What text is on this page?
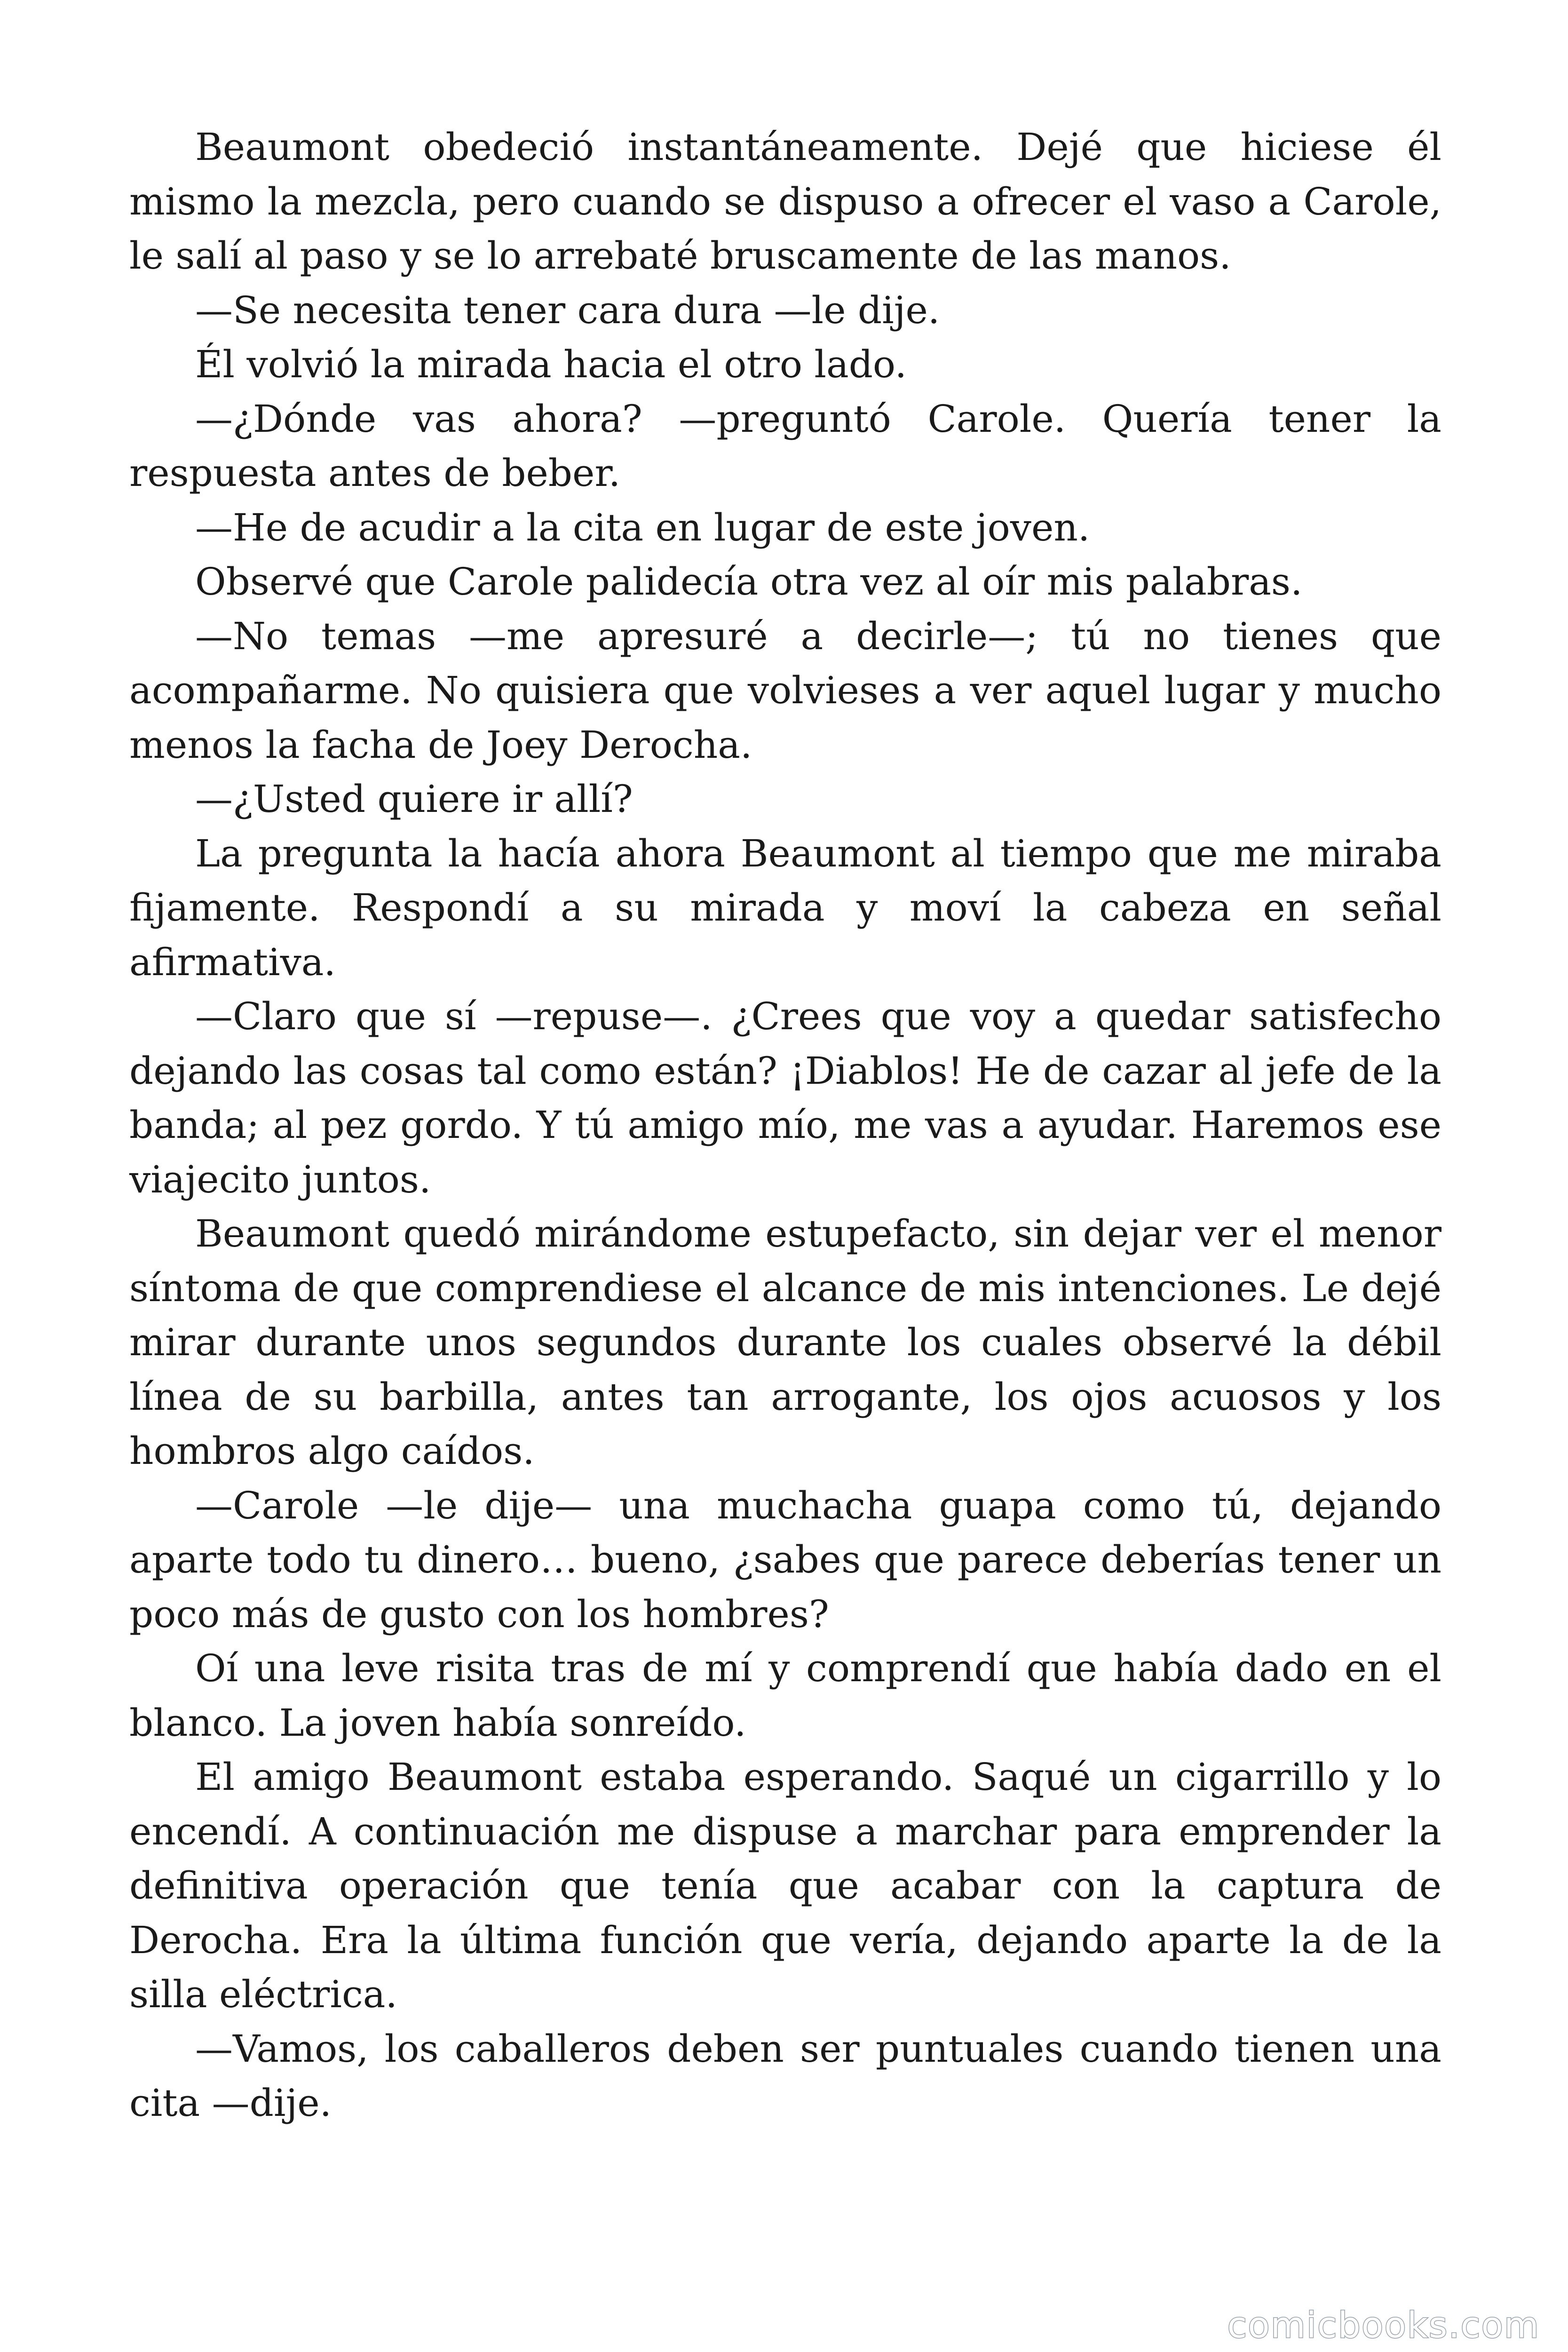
Beaumont obedeció instantáneamente. Dejé que hiciese él mismo la mezcla, pero cuando se dispuso a ofrecer el vaso a Carole, le salí al paso y se lo arrebaté bruscamente de las manos.

—Se necesita tener cara dura —le dije.

Él volvió la mirada hacia el otro lado.

—¿Dónde vas ahora? —preguntó Carole. Quería tener la respuesta antes de beber.

—He de acudir a la cita en lugar de este joven.

Observé que Carole palidecía otra vez al oír mis palabras.

—No temas —me apresuré a decirle—; tú no tienes que acompañarme. No quisiera que volvieses a ver aquel lugar y mucho menos la facha de Joey Derocha.

—¿Usted quiere ir allí?

La pregunta la hacía ahora Beaumont al tiempo que me miraba fijamente. Respondí a su mirada y moví la cabeza en señal afirmativa.

—Claro que sí —repuse—. ¿Crees que voy a quedar satisfecho dejando las cosas tal como están? ¡Diablos! He de cazar al jefe de la banda; al pez gordo. Y tú amigo mío, me vas a ayudar. Haremos ese viajecito juntos.

Beaumont quedó mirándome estupefacto, sin dejar ver el menor síntoma de que comprendiese el alcance de mis intenciones. Le dejé mirar durante unos segundos durante los cuales observé la débil línea de su barbilla, antes tan arrogante, los ojos acuosos y los hombros algo caídos.

—Carole —le dije— una muchacha guapa como tú, dejando aparte todo tu dinero… bueno, ¿sabes que parece deberías tener un poco más de gusto con los hombres?

Oí una leve risita tras de mí y comprendí que había dado en el blanco. La joven había sonreído.

El amigo Beaumont estaba esperando. Saqué un cigarrillo y lo encendí. A continuación me dispuse a marchar para emprender la definitiva operación que tenía que acabar con la captura de Derocha. Era la última función que vería, dejando aparte la de la silla eléctrica.

—Vamos, los caballeros deben ser puntuales cuando tienen una cita —dije.

comicbooks.com
